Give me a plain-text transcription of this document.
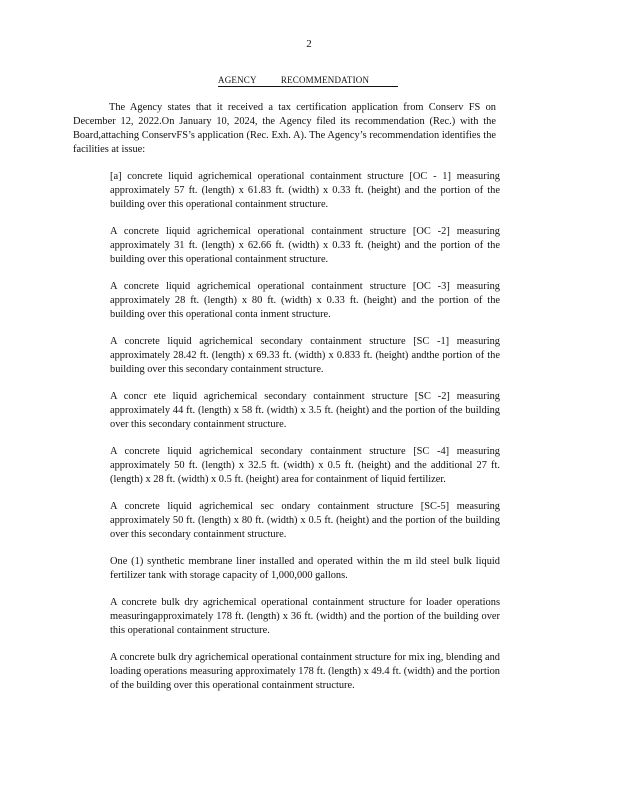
2
AGENCY          RECOMMENDATION
The Agency states that it received a tax certification application from Conserv FS on December 12, 2022.On January 10, 2024, the Agency filed its recommendation (Rec.) with the Board,attaching ConservFS’s application (Rec. Exh. A). The Agency’s recommendation identifies the facilities at issue:

[a] concrete liquid agrichemical operational containment structure [OC - 1] measuring approximately 57 ft. (length) x 61.83 ft. (width) x 0.33 ft. (height) and the portion of the building over this operational containment structure.

A concrete liquid agrichemical operational containment structure [OC -2] measuring approximately 31 ft. (length) x 62.66 ft. (width) x 0.33 ft. (height) and the portion of the building over this operational containment structure.

A concrete liquid agrichemical operational containment structure [OC -3] measuring approximately 28 ft. (length) x 80 ft. (width) x 0.33 ft. (height) and the portion of the building over this operational conta inment structure.

A concrete liquid agrichemical secondary containment structure [SC -1] measuring approximately 28.42 ft. (length) x 69.33 ft. (width) x 0.833 ft. (height) andthe portion of the building over this secondary containment structure.

A concr ete liquid agrichemical secondary containment structure [SC -2] measuring approximately 44 ft. (length) x 58 ft. (width) x 3.5 ft. (height) and the portion of the building over this secondary containment structure.

A concrete liquid agrichemical secondary containment structure [SC -4] measuring approximately 50 ft. (length) x 32.5 ft. (width) x 0.5 ft. (height) and the additional 27 ft. (length) x 28 ft. (width) x 0.5 ft. (height) area for containment of liquid fertilizer.

A concrete liquid agrichemical sec ondary containment structure [SC-5] measuring approximately 50 ft. (length) x 80 ft. (width) x 0.5 ft. (height) and the portion of the building over this secondary containment structure.

One (1) synthetic membrane liner installed and operated within the m ild steel bulk liquid fertilizer tank with storage capacity of 1,000,000 gallons.

A concrete bulk dry agrichemical operational containment structure for loader operations measuringapproximately 178 ft. (length) x 36 ft. (width) and the portion of the building over this operational containment structure.

A concrete bulk dry agrichemical operational containment structure for mix ing, blending and loading operations measuring approximately 178 ft. (length) x 49.4 ft. (width) and the portion of the building over this operational containment structure.
